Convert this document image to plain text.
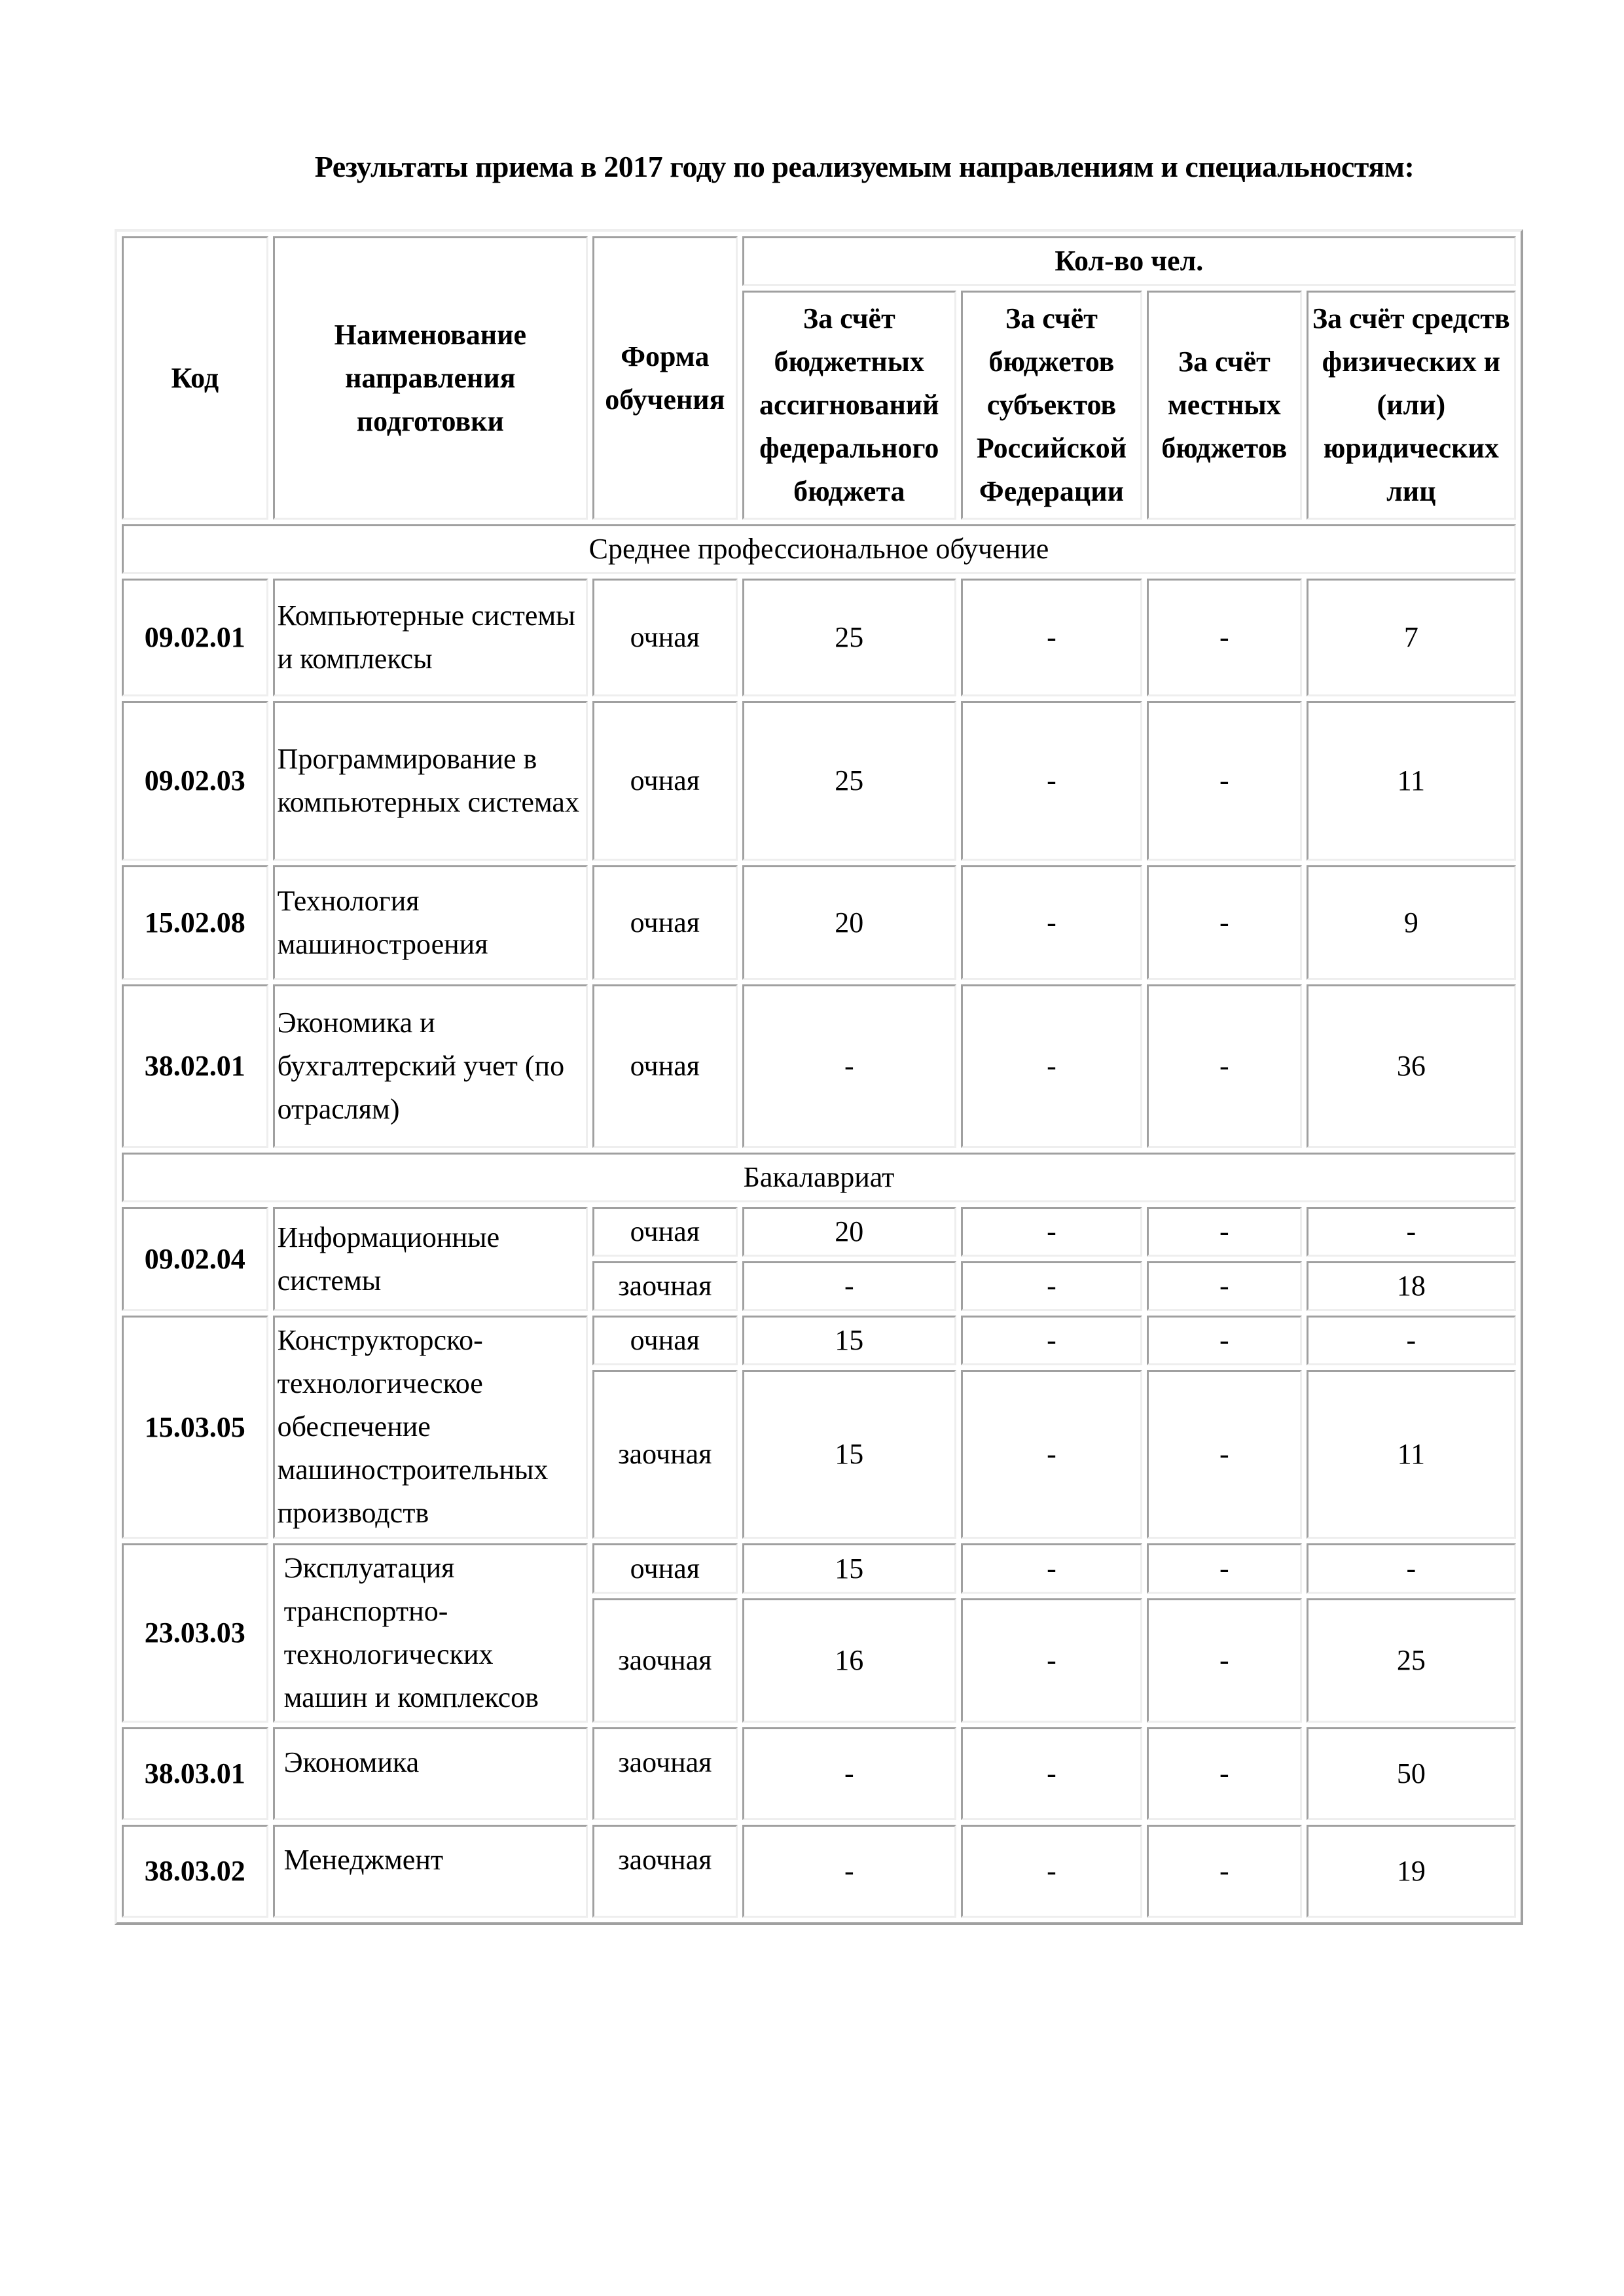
Результаты приема в 2017 году по реализуемым направлениям и специальностям:
Код	Наименование направления подготовки	Форма обучения	Кол-во чел.			
			За счёт бюджетных ассигнований федерального бюджета	За счёт бюджетов субъектов Российской Федерации	За счёт местных бюджетов	За счёт средств физических и (или) юридических лиц
Среднее профессиональное обучение						
09.02.01	Компьютерные системы и комплексы	очная	25	-	-	7
09.02.03	Программирование в компьютерных системах	очная	25	-	-	11
15.02.08	Технология машиностроения	очная	20	-	-	9
38.02.01	Экономика и бухгалтерский учет (по отраслям)	очная	-	-	-	36
Бакалавриат						
09.02.04	Информационные системы	очная	20	-	-	-
		заочная	-	-	-	18
15.03.05	Конструкторско-технологическое обеспечение машиностроительных производств	очная	15	-	-	-
		заочная	15	-	-	11
23.03.03	Эксплуатация транспортно-технологических машин и комплексов	очная	15	-	-	-
		заочная	16	-	-	25
38.03.01	Экономика	заочная	-	-	-	50
38.03.02	Менеджмент	заочная	-	-	-	19
